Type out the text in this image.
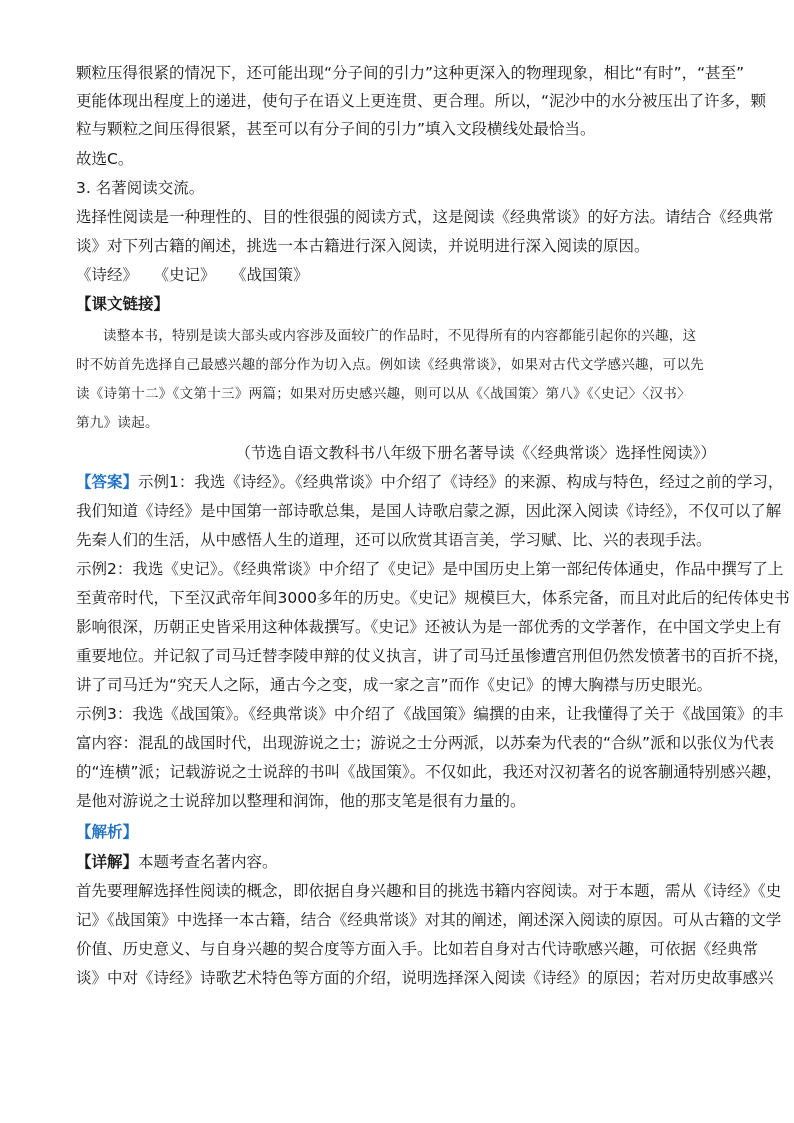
颗粒压得很紧的情况下，还可能出现“分子间的引力”这种更深入的物理现象，相比“有时”，“甚至”
更能体现出程度上的递进，使句子在语义上更连贯、更合理。所以，“泥沙中的水分被压出了许多，颗
粒与颗粒之间压得很紧，甚至可以有分子间的引力”填入文段横线处最恰当。
故选C。
3. 名著阅读交流。
选择性阅读是一种理性的、目的性很强的阅读方式，这是阅读《经典常谈》的好方法。请结合《经典常
谈》对下列古籍的阐述，挑选一本古籍进行深入阅读，并说明进行深入阅读的原因。
《诗经》　　《史记》　　《战国策》
【课文链接】
读整本书，特别是读大部头或内容涉及面较广的作品时，不见得所有的内容都能引起你的兴趣，这
时不妨首先选择自己最感兴趣的部分作为切入点。例如读《经典常谈》，如果对古代文学感兴趣，可以先
读《诗第十二》《文第十三》两篇；如果对历史感兴趣，则可以从《〈战国策〉第八》《〈史记〉〈汉书〉
第九》读起。
（节选自语文教科书八年级下册名著导读《〈经典常谈〉选择性阅读》）
【答案】示例1：我选《诗经》。《经典常谈》中介绍了《诗经》的来源、构成与特色，经过之前的学习，
我们知道《诗经》是中国第一部诗歌总集，是国人诗歌启蒙之源，因此深入阅读《诗经》，不仅可以了解
先秦人们的生活，从中感悟人生的道理，还可以欣赏其语言美，学习赋、比、兴的表现手法。
示例2：我选《史记》。《经典常谈》中介绍了《史记》是中国历史上第一部纪传体通史，作品中撰写了上
至黄帝时代，下至汉武帝年间3000多年的历史。《史记》规模巨大，体系完备，而且对此后的纪传体史书
影响很深，历朝正史皆采用这种体裁撰写。《史记》还被认为是一部优秀的文学著作，在中国文学史上有
重要地位。并记叙了司马迁替李陵申辩的仗义执言，讲了司马迁虽惨遭宫刑但仍然发愤著书的百折不挠，
讲了司马迁为“究天人之际，通古今之变，成一家之言”而作《史记》的博大胸襟与历史眼光。
示例3：我选《战国策》。《经典常谈》中介绍了《战国策》编撰的由来，让我懂得了关于《战国策》的丰
富内容：混乱的战国时代，出现游说之士；游说之士分两派，以苏秦为代表的“合纵”派和以张仪为代表
的“连横”派；记载游说之士说辞的书叫《战国策》。不仅如此，我还对汉初著名的说客蒯通特别感兴趣，
是他对游说之士说辞加以整理和润饰，他的那支笔是很有力量的。
【解析】
【详解】本题考查名著内容。
首先要理解选择性阅读的概念，即依据自身兴趣和目的挑选书籍内容阅读。对于本题，需从《诗经》《史
记》《战国策》中选择一本古籍，结合《经典常谈》对其的阐述，阐述深入阅读的原因。可从古籍的文学
价值、历史意义、与自身兴趣的契合度等方面入手。比如若自身对古代诗歌感兴趣，可依据《经典常
谈》中对《诗经》诗歌艺术特色等方面的介绍，说明选择深入阅读《诗经》的原因；若对历史故事感兴
